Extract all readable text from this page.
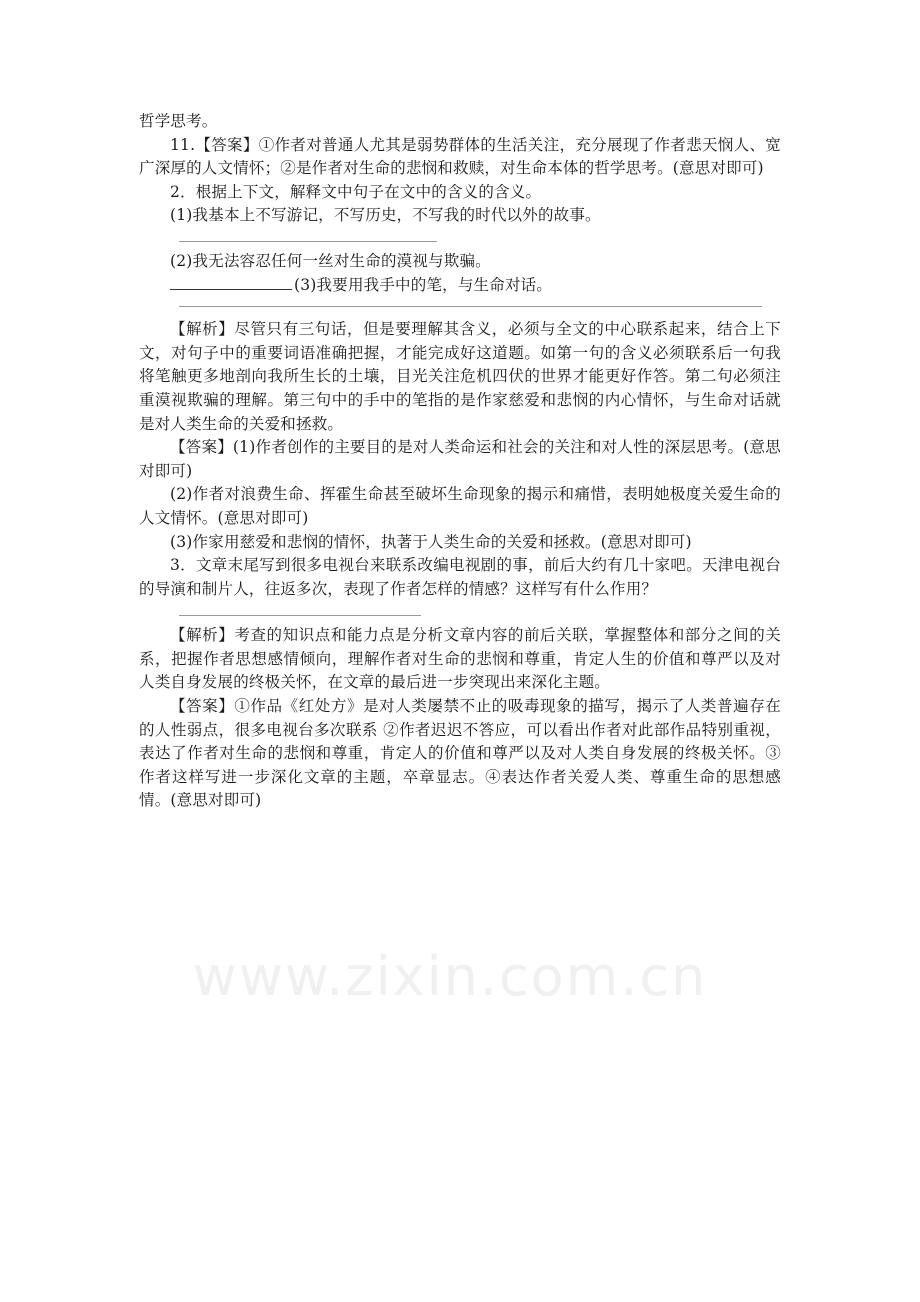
哲学思考。

11.【答案】①作者对普通人尤其是弱势群体的生活关注，充分展现了作者悲天悯人、宽广深厚的人文情怀；②是作者对生命的悲悯和救赎，对生命本体的哲学思考。(意思对即可)

2．根据上下文，解释文中句子在文中的含义的含义。

(1)我基本上不写游记，不写历史，不写我的时代以外的故事。

(2)我无法容忍任何一丝对生命的漠视与欺骗。

(3)我要用我手中的笔，与生命对话。

【解析】尽管只有三句话，但是要理解其含义，必须与全文的中心联系起来，结合上下文，对句子中的重要词语准确把握，才能完成好这道题。如第一句的含义必须联系后一句我将笔触更多地剖向我所生长的土壤，目光关注危机四伏的世界才能更好作答。第二句必须注重漠视欺骗的理解。第三句中的手中的笔指的是作家慈爱和悲悯的内心情怀，与生命对话就是对人类生命的关爱和拯救。

【答案】(1)作者创作的主要目的是对人类命运和社会的关注和对人性的深层思考。(意思对即可)

(2)作者对浪费生命、挥霍生命甚至破坏生命现象的揭示和痛惜，表明她极度关爱生命的人文情怀。(意思对即可)

(3)作家用慈爱和悲悯的情怀，执著于人类生命的关爱和拯救。(意思对即可)

3．文章末尾写到很多电视台来联系改编电视剧的事，前后大约有几十家吧。天津电视台的导演和制片人，往返多次，表现了作者怎样的情感？这样写有什么作用？

【解析】考查的知识点和能力点是分析文章内容的前后关联，掌握整体和部分之间的关系，把握作者思想感情倾向，理解作者对生命的悲悯和尊重，肯定人生的价值和尊严以及对人类自身发展的终极关怀，在文章的最后进一步突现出来深化主题。

【答案】①作品《红处方》是对人类屡禁不止的吸毒现象的描写，揭示了人类普遍存在的人性弱点，很多电视台多次联系 ②作者迟迟不答应，可以看出作者对此部作品特别重视，表达了作者对生命的悲悯和尊重，肯定人的价值和尊严以及对人类自身发展的终极关怀。③作者这样写进一步深化文章的主题，卒章显志。④表达作者关爱人类、尊重生命的思想感情。(意思对即可)

www.zixin.com.cn
